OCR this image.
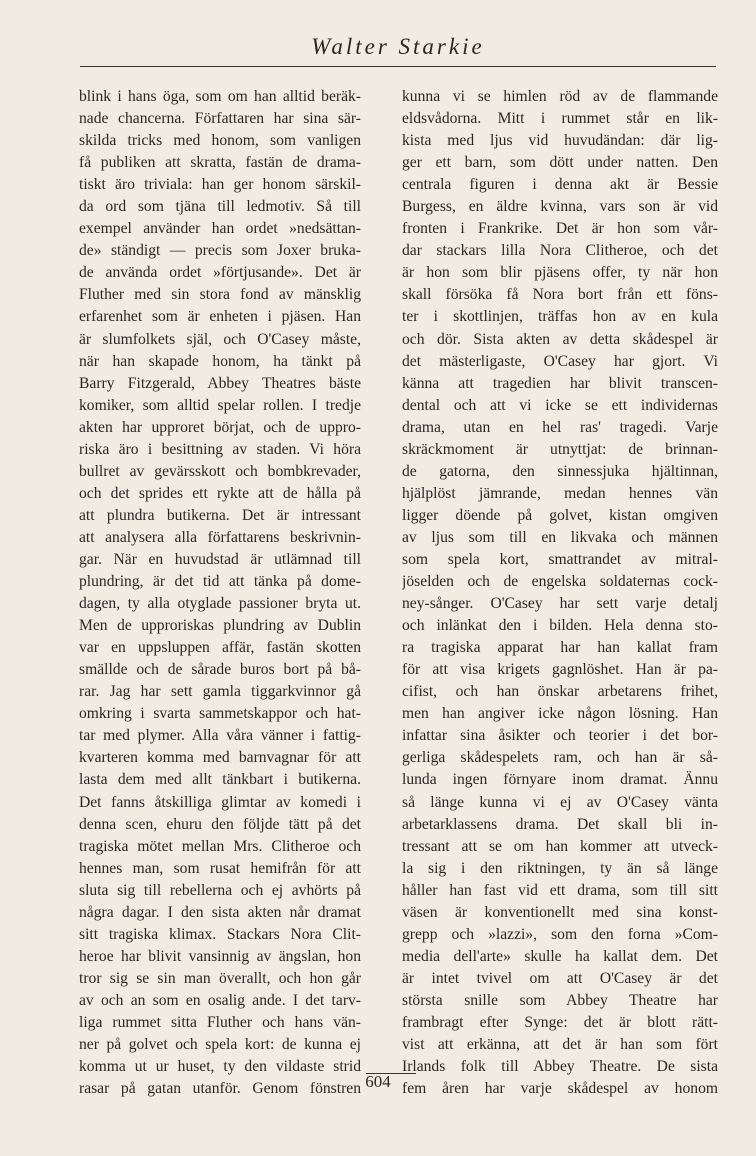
Walter Starkie
blink i hans öga, som om han alltid beräk-
nade chancerna. Författaren har sina sär-
skilda tricks med honom, som vanligen
få publiken att skratta, fastän de drama-
tiskt äro triviala: han ger honom särskil-
da ord som tjäna till ledmotiv. Så till
exempel använder han ordet »nedsättan-
de» ständigt — precis som Joxer bruka-
de använda ordet »förtjusande». Det är
Fluther med sin stora fond av mänsklig
erfarenhet som är enheten i pjäsen. Han
är slumfolkets själ, och O'Casey måste,
när han skapade honom, ha tänkt på
Barry Fitzgerald, Abbey Theatres bäste
komiker, som alltid spelar rollen. I tredje
akten har upproret börjat, och de uppro-
riska äro i besittning av staden. Vi höra
bullret av gevärsskott och bombkrevader,
och det sprides ett rykte att de hålla på
att plundra butikerna. Det är intressant
att analysera alla författarens beskrivnin-
gar. När en huvudstad är utlämnad till
plundring, är det tid att tänka på dome-
dagen, ty alla otyglade passioner bryta ut.
Men de upproriskas plundring av Dublin
var en uppsluppen affär, fastän skotten
smällde och de sårade buros bort på bå-
rar. Jag har sett gamla tiggarkvinnor gå
omkring i svarta sammetskappor och hat-
tar med plymer. Alla våra vänner i fattig-
kvarteren komma med barnvagnar för att
lasta dem med allt tänkbart i butikerna.
Det fanns åtskilliga glimtar av komedi i
denna scen, ehuru den följde tätt på det
tragiska mötet mellan Mrs. Clitheroe och
hennes man, som rusat hemifrån för att
sluta sig till rebellerna och ej avhörts på
några dagar. I den sista akten når dramat
sitt tragiska klimax. Stackars Nora Clit-
heroe har blivit vansinnig av ängslan, hon
tror sig se sin man överallt, och hon går
av och an som en osalig ande. I det tarv-
liga rummet sitta Fluther och hans vän-
ner på golvet och spela kort: de kunna ej
komma ut ur huset, ty den vildaste strid
rasar på gatan utanför. Genom fönstren
kunna vi se himlen röd av de flammande
eldsvådorna. Mitt i rummet står en lik-
kista med ljus vid huvudändan: där lig-
ger ett barn, som dött under natten. Den
centrala figuren i denna akt är Bessie
Burgess, en äldre kvinna, vars son är vid
fronten i Frankrike. Det är hon som vår-
dar stackars lilla Nora Clitheroe, och det
är hon som blir pjäsens offer, ty när hon
skall försöka få Nora bort från ett föns-
ter i skottlinjen, träffas hon av en kula
och dör. Sista akten av detta skådespel är
det mästerligaste, O'Casey har gjort. Vi
känna att tragedien har blivit transcen-
dental och att vi icke se ett individernas
drama, utan en hel ras' tragedi. Varje
skräckmoment är utnyttjat: de brinnan-
de gatorna, den sinnessjuka hjältinnan,
hjälplöst jämrande, medan hennes vän
ligger döende på golvet, kistan omgiven
av ljus som till en likvaka och männen
som spela kort, smattrandet av mitral-
jöselden och de engelska soldaternas cock-
ney-sånger. O'Casey har sett varje detalj
och inlänkat den i bilden. Hela denna sto-
ra tragiska apparat har han kallat fram
för att visa krigets gagnlöshet. Han är pa-
cifist, och han önskar arbetarens frihet,
men han angiver icke någon lösning. Han
infattar sina åsikter och teorier i det bor-
gerliga skådespelets ram, och han är så-
lunda ingen förnyare inom dramat. Ännu
så länge kunna vi ej av O'Casey vänta
arbetarklassens drama. Det skall bli in-
tressant att se om han kommer att utveck-
la sig i den riktningen, ty än så länge
håller han fast vid ett drama, som till sitt
väsen är konventionellt med sina konst-
grepp och »lazzi», som den forna »Com-
media dell'arte» skulle ha kallat dem. Det
är intet tvivel om att O'Casey är det
största snille som Abbey Theatre har
frambragt efter Synge: det är blott rätt-
vist att erkänna, att det är han som fört
Irlands folk till Abbey Theatre. De sista
fem åren har varje skådespel av honom
604
